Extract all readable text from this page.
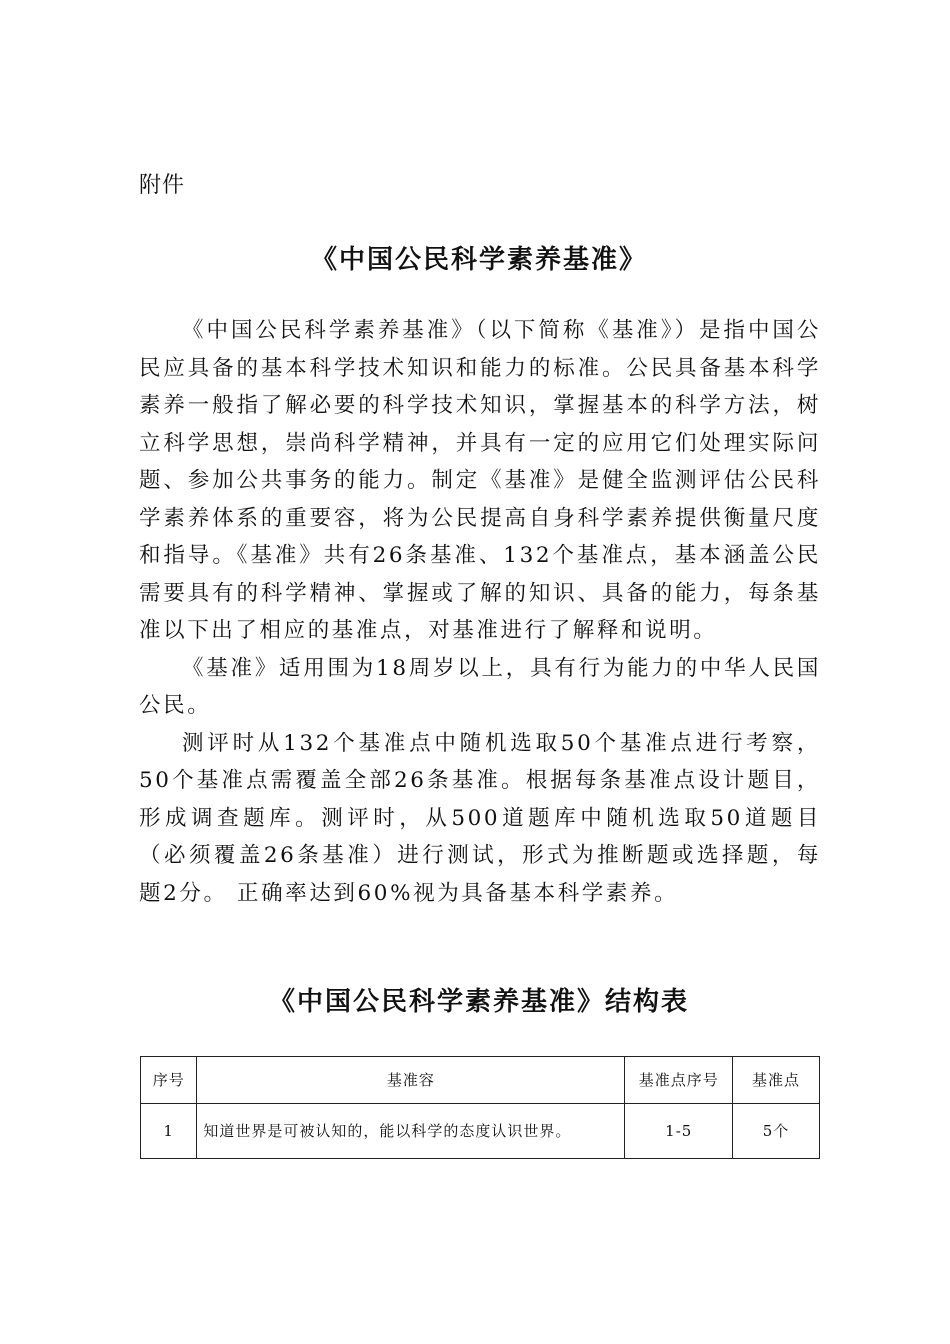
附件
《中国公民科学素养基准》

《中国公民科学素养基准》（以下简称《基准》）是指中国公民应具备的基本科学技术知识和能力的标准。公民具备基本科学素养一般指了解必要的科学技术知识，掌握基本的科学方法，树立科学思想，崇尚科学精神，并具有一定的应用它们处理实际问题、参加公共事务的能力。制定《基准》是健全监测评估公民科学素养体系的重要容，将为公民提高自身科学素养提供衡量尺度和指导。《基准》共有26条基准、132个基准点，基本涵盖公民需要具有的科学精神、掌握或了解的知识、具备的能力，每条基准以下出了相应的基准点，对基准进行了解释和说明。

《基准》适用围为18周岁以上，具有行为能力的中华人民国公民。

测评时从132个基准点中随机选取50个基准点进行考察，50个基准点需覆盖全部26条基准。根据每条基准点设计题目，形成调查题库。测评时，从500道题库中随机选取50道题目（必须覆盖26条基准）进行测试，形式为推断题或选择题，每题2分。 正确率达到60%视为具备基本科学素养。

《中国公民科学素养基准》结构表
序号	基准容	基准点序号	基准点
1	知道世界是可被认知的，能以科学的态度认识世界。	1-5	5个
